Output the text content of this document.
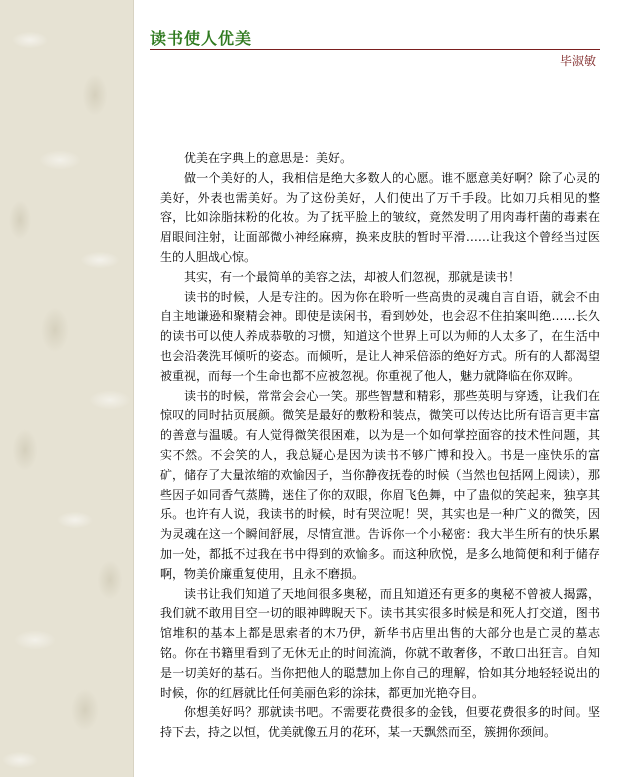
读书使人优美
毕淑敏

优美在字典上的意思是：美好。

做一个美好的人，我相信是绝大多数人的心愿。谁不愿意美好啊？除了心灵的美好，外表也需美好。为了这份美好，人们使出了万千手段。比如刀兵相见的整容，比如涂脂抹粉的化妆。为了抚平脸上的皱纹，竟然发明了用肉毒杆菌的毒素在眉眼间注射，让面部微小神经麻痹，换来皮肤的暂时平滑……让我这个曾经当过医生的人胆战心惊。

其实，有一个最简单的美容之法，却被人们忽视，那就是读书！

读书的时候，人是专注的。因为你在聆听一些高贵的灵魂自言自语，就会不由自主地谦逊和聚精会神。即使是读闲书，看到妙处，也会忍不住拍案叫绝……长久的读书可以使人养成恭敬的习惯，知道这个世界上可以为师的人太多了，在生活中也会沿袭洗耳倾听的姿态。而倾听，是让人神采倍添的绝好方式。所有的人都渴望被重视，而每一个生命也都不应被忽视。你重视了他人，魅力就降临在你双眸。

读书的时候，常常会会心一笑。那些智慧和精彩，那些英明与穿透，让我们在惊叹的同时拈页展颜。微笑是最好的敷粉和装点，微笑可以传达比所有语言更丰富的善意与温暖。有人觉得微笑很困难，以为是一个如何掌控面容的技术性问题，其实不然。不会笑的人，我总疑心是因为读书不够广博和投入。书是一座快乐的富矿，储存了大量浓缩的欢愉因子，当你静夜抚卷的时候（当然也包括网上阅读），那些因子如同香气蒸腾，迷住了你的双眼，你眉飞色舞，中了蛊似的笑起来，独享其乐。也许有人说，我读书的时候，时有哭泣呢！哭，其实也是一种广义的微笑，因为灵魂在这一个瞬间舒展，尽情宣泄。告诉你一个小秘密：我大半生所有的快乐累加一处，都抵不过我在书中得到的欢愉多。而这种欣悦，是多么地简便和利于储存啊，物美价廉重复使用，且永不磨损。

读书让我们知道了天地间很多奥秘，而且知道还有更多的奥秘不曾被人揭露，我们就不敢用目空一切的眼神睥睨天下。读书其实很多时候是和死人打交道，图书馆堆积的基本上都是思索者的木乃伊，新华书店里出售的大部分也是亡灵的墓志铭。你在书籍里看到了无休无止的时间流淌，你就不敢奢侈，不敢口出狂言。自知是一切美好的基石。当你把他人的聪慧加上你自己的理解，恰如其分地轻轻说出的时候，你的红唇就比任何美丽色彩的涂抹，都更加光艳夺目。

你想美好吗？那就读书吧。不需要花费很多的金钱，但要花费很多的时间。坚持下去，持之以恒，优美就像五月的花环，某一天飘然而至，簇拥你颈间。
